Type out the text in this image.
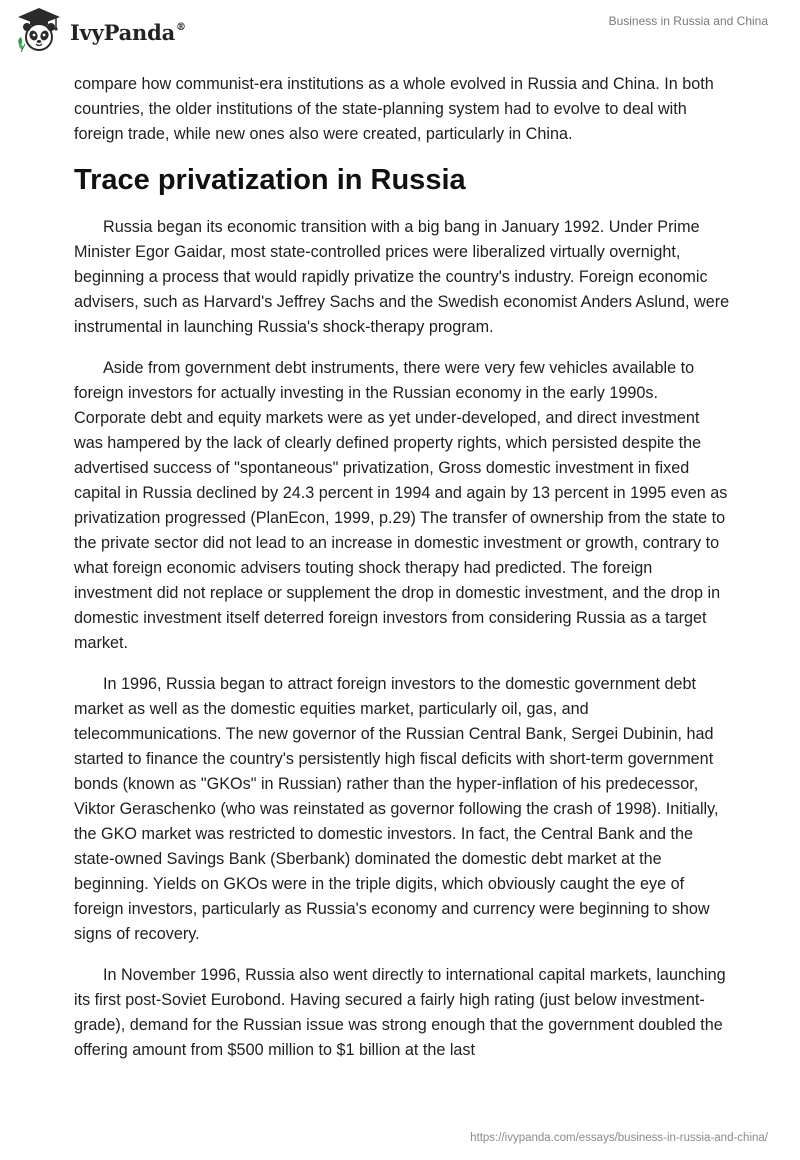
IvyPanda®	Business in Russia and China

compare how communist-era institutions as a whole evolved in Russia and China. In both countries, the older institutions of the state-planning system had to evolve to deal with foreign trade, while new ones also were created, particularly in China.

Trace privatization in Russia

Russia began its economic transition with a big bang in January 1992. Under Prime Minister Egor Gaidar, most state-controlled prices were liberalized virtually overnight, beginning a process that would rapidly privatize the country's industry. Foreign economic advisers, such as Harvard's Jeffrey Sachs and the Swedish economist Anders Aslund, were instrumental in launching Russia's shock-therapy program.

Aside from government debt instruments, there were very few vehicles available to foreign investors for actually investing in the Russian economy in the early 1990s. Corporate debt and equity markets were as yet under-developed, and direct investment was hampered by the lack of clearly defined property rights, which persisted despite the advertised success of "spontaneous" privatization, Gross domestic investment in fixed capital in Russia declined by 24.3 percent in 1994 and again by 13 percent in 1995 even as privatization progressed (PlanEcon, 1999, p.29) The transfer of ownership from the state to the private sector did not lead to an increase in domestic investment or growth, contrary to what foreign economic advisers touting shock therapy had predicted. The foreign investment did not replace or supplement the drop in domestic investment, and the drop in domestic investment itself deterred foreign investors from considering Russia as a target market.

In 1996, Russia began to attract foreign investors to the domestic government debt market as well as the domestic equities market, particularly oil, gas, and telecommunications. The new governor of the Russian Central Bank, Sergei Dubinin, had started to finance the country's persistently high fiscal deficits with short-term government bonds (known as "GKOs" in Russian) rather than the hyper-inflation of his predecessor, Viktor Geraschenko (who was reinstated as governor following the crash of 1998). Initially, the GKO market was restricted to domestic investors. In fact, the Central Bank and the state-owned Savings Bank (Sberbank) dominated the domestic debt market at the beginning. Yields on GKOs were in the triple digits, which obviously caught the eye of foreign investors, particularly as Russia's economy and currency were beginning to show signs of recovery.

In November 1996, Russia also went directly to international capital markets, launching its first post-Soviet Eurobond. Having secured a fairly high rating (just below investment-grade), demand for the Russian issue was strong enough that the government doubled the offering amount from $500 million to $1 billion at the last

https://ivypanda.com/essays/business-in-russia-and-china/
